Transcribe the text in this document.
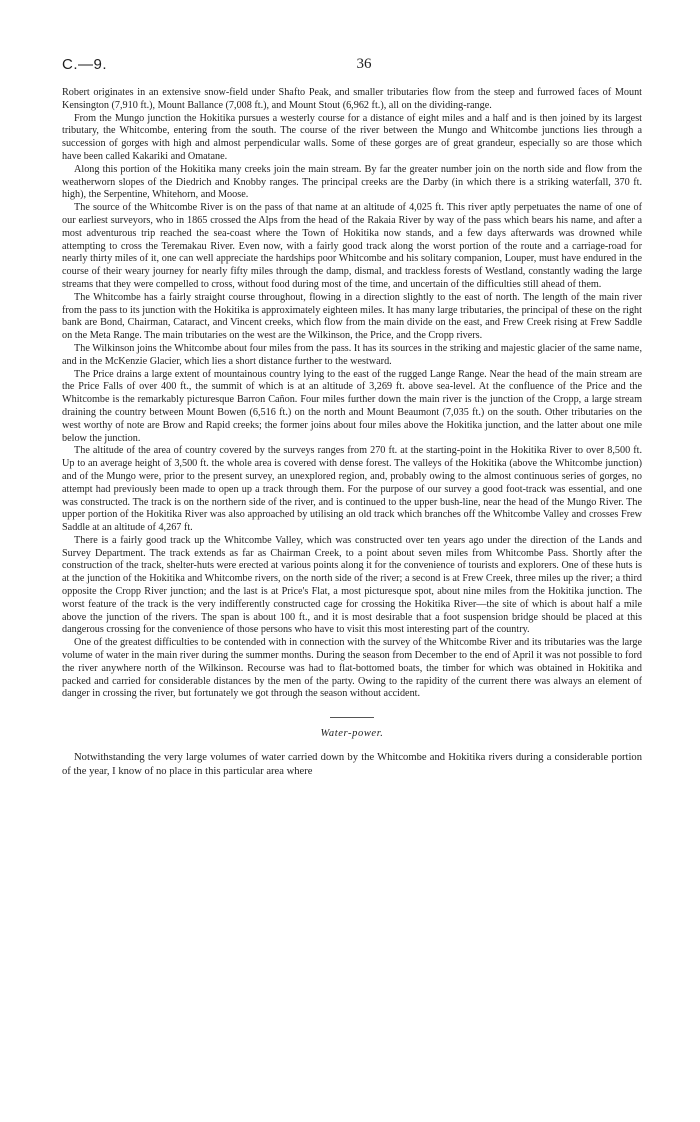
C.—9.	36

Robert originates in an extensive snow-field under Shafto Peak, and smaller tributaries flow from the steep and furrowed faces of Mount Kensington (7,910 ft.), Mount Ballance (7,008 ft.), and Mount Stout (6,962 ft.), all on the dividing-range.

From the Mungo junction the Hokitika pursues a westerly course for a distance of eight miles and a half and is then joined by its largest tributary, the Whitcombe, entering from the south. The course of the river between the Mungo and Whitcombe junctions lies through a succession of gorges with high and almost perpendicular walls. Some of these gorges are of great grandeur, especially so are those which have been called Kakariki and Omatane.

Along this portion of the Hokitika many creeks join the main stream. By far the greater number join on the north side and flow from the weatherworn slopes of the Diedrich and Knobby ranges. The principal creeks are the Darby (in which there is a striking waterfall, 370 ft. high), the Serpentine, Whitehorn, and Moose.

The source of the Whitcombe River is on the pass of that name at an altitude of 4,025 ft. This river aptly perpetuates the name of one of our earliest surveyors, who in 1865 crossed the Alps from the head of the Rakaia River by way of the pass which bears his name, and after a most adventurous trip reached the sea-coast where the Town of Hokitika now stands, and a few days afterwards was drowned while attempting to cross the Teremakau River. Even now, with a fairly good track along the worst portion of the route and a carriage-road for nearly thirty miles of it, one can well appreciate the hardships poor Whitcombe and his solitary companion, Louper, must have endured in the course of their weary journey for nearly fifty miles through the damp, dismal, and trackless forests of Westland, constantly wading the large streams that they were compelled to cross, without food during most of the time, and uncertain of the difficulties still ahead of them.

The Whitcombe has a fairly straight course throughout, flowing in a direction slightly to the east of north. The length of the main river from the pass to its junction with the Hokitika is approximately eighteen miles. It has many large tributaries, the principal of these on the right bank are Bond, Chairman, Cataract, and Vincent creeks, which flow from the main divide on the east, and Frew Creek rising at Frew Saddle on the Meta Range. The main tributaries on the west are the Wilkinson, the Price, and the Cropp rivers.

The Wilkinson joins the Whitcombe about four miles from the pass. It has its sources in the striking and majestic glacier of the same name, and in the McKenzie Glacier, which lies a short distance further to the westward.

The Price drains a large extent of mountainous country lying to the east of the rugged Lange Range. Near the head of the main stream are the Price Falls of over 400 ft., the summit of which is at an altitude of 3,269 ft. above sea-level. At the confluence of the Price and the Whitcombe is the remarkably picturesque Barron Cañon. Four miles further down the main river is the junction of the Cropp, a large stream draining the country between Mount Bowen (6,516 ft.) on the north and Mount Beaumont (7,035 ft.) on the south. Other tributaries on the west worthy of note are Brow and Rapid creeks; the former joins about four miles above the Hokitika junction, and the latter about one mile below the junction.

The altitude of the area of country covered by the surveys ranges from 270 ft. at the starting-point in the Hokitika River to over 8,500 ft. Up to an average height of 3,500 ft. the whole area is covered with dense forest. The valleys of the Hokitika (above the Whitcombe junction) and of the Mungo were, prior to the present survey, an unexplored region, and, probably owing to the almost continuous series of gorges, no attempt had previously been made to open up a track through them. For the purpose of our survey a good foot-track was essential, and one was constructed. The track is on the northern side of the river, and is continued to the upper bush-line, near the head of the Mungo River. The upper portion of the Hokitika River was also approached by utilising an old track which branches off the Whitcombe Valley and crosses Frew Saddle at an altitude of 4,267 ft.

There is a fairly good track up the Whitcombe Valley, which was constructed over ten years ago under the direction of the Lands and Survey Department. The track extends as far as Chairman Creek, to a point about seven miles from Whitcombe Pass. Shortly after the construction of the track, shelter-huts were erected at various points along it for the convenience of tourists and explorers. One of these huts is at the junction of the Hokitika and Whitcombe rivers, on the north side of the river; a second is at Frew Creek, three miles up the river; a third opposite the Cropp River junction; and the last is at Price's Flat, a most picturesque spot, about nine miles from the Hokitika junction. The worst feature of the track is the very indifferently constructed cage for crossing the Hokitika River—the site of which is about half a mile above the junction of the rivers. The span is about 100 ft., and it is most desirable that a foot suspension bridge should be placed at this dangerous crossing for the convenience of those persons who have to visit this most interesting part of the country.

One of the greatest difficulties to be contended with in connection with the survey of the Whitcombe River and its tributaries was the large volume of water in the main river during the summer months. During the season from December to the end of April it was not possible to ford the river anywhere north of the Wilkinson. Recourse was had to flat-bottomed boats, the timber for which was obtained in Hokitika and packed and carried for considerable distances by the men of the party. Owing to the rapidity of the current there was always an element of danger in crossing the river, but fortunately we got through the season without accident.

Water-power.

Notwithstanding the very large volumes of water carried down by the Whitcombe and Hokitika rivers during a considerable portion of the year, I know of no place in this particular area where
